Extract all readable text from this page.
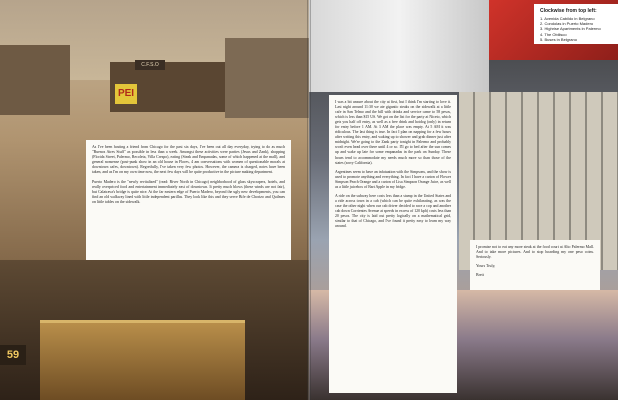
C.F.S.O
PEI
59

As I've been hosting a friend from Chicago for the past six days, I've been out all day everyday, trying to do as much "Buenos Aires Stuff" as possible in less than a week. Amongst these activities were parties (Jesus and Zank), shopping (Florida Street, Palermo, Recoleta, Villa Crespo), eating (Steak and Empanadas, some of which happened at the mall), and general nonsense (post-punk show in an old house in Flores, 4 am conversations with women of questionable morals at downtown cafes, downtown). Regretfully, I've taken very few photos. However, the camera is charged, notes have been taken, and as I'm on my own time now, the next few days will be quite productive in the picture making department.

Puerto Madero is the "newly revitalized" (read: River North in Chicago) neighborhood of glass skyscrapers, hotels, and really overpriced food and entertainment immediately east of downtown. It pretty much blows (these winds are not fair), but Calatrava's bridge is quite nice. At the far eastern edge of Puerto Madero, beyond the ugly new developments, you can find an old walkway lined with little independent parillas. They look like this and they serve Bife de Chorizo and Quilmes on little tables on the sidewalk.

Clockwise from top left:
1. Avenida Cabildo in Belgrano
2. Condolas in Puerto Madero
3. Highrise Apartments in Palermo
4. The Obilisco
5. Buses in Belgrano

I was a bit unsure about the city at first, but I think I'm starting to love it. Last night around 11:30 we ate gigantic steaks on the sidewalk at a little cafe in San Telmo and the bill with drinks and service came to 58 pesos, which is less than $15 US. We got on the list for the party at Niceto, which gets you half off entry, as well as a free drink and hotdog (only) in return for entry before 1 AM. At 3 AM the place was empty. At 5 AM it was ridiculous. The last thing is true. In fact I plan on napping for a few hours after writing this entry, and waking up to shower and grab dinner just after midnight. We're going to the Zank party tonight in Palermo and probably won't even head over there until 4 or so. I'll go to bed after the sun comes up and wake up late for some empanadas in the park on Sunday. These hours tend to accommodate my needs much more so than those of the states (sorry California).

Argentines seem to have an infatuation with the Simpsons, and the show is used to promote anything and everything. In fact I have a carton of Flower Simpson Peach Orange and a carton of Lisa Simpson Orange Juice, as well as a little juicebox of Bart Apple in my fridge.

A ride on the subway here costs less than a stamp in the United States and a ride across town in a cab (which can be quite exhilarating, as was the case the other night when our cab driver decided to race a cop and another cab down Corrientes Avenue at speeds in excess of 120 kph) costs less than 20 pesos. The city is laid out pretty logically on a mathematical grid, similar to that of Chicago, and I've found it pretty easy to learn my way around.

I promise not to eat any more steak at the food court at Alto Palermo Mall. And to take more pictures. And to stop hoarding my one peso coins. Seriously.

Yours Truly,

Brett
